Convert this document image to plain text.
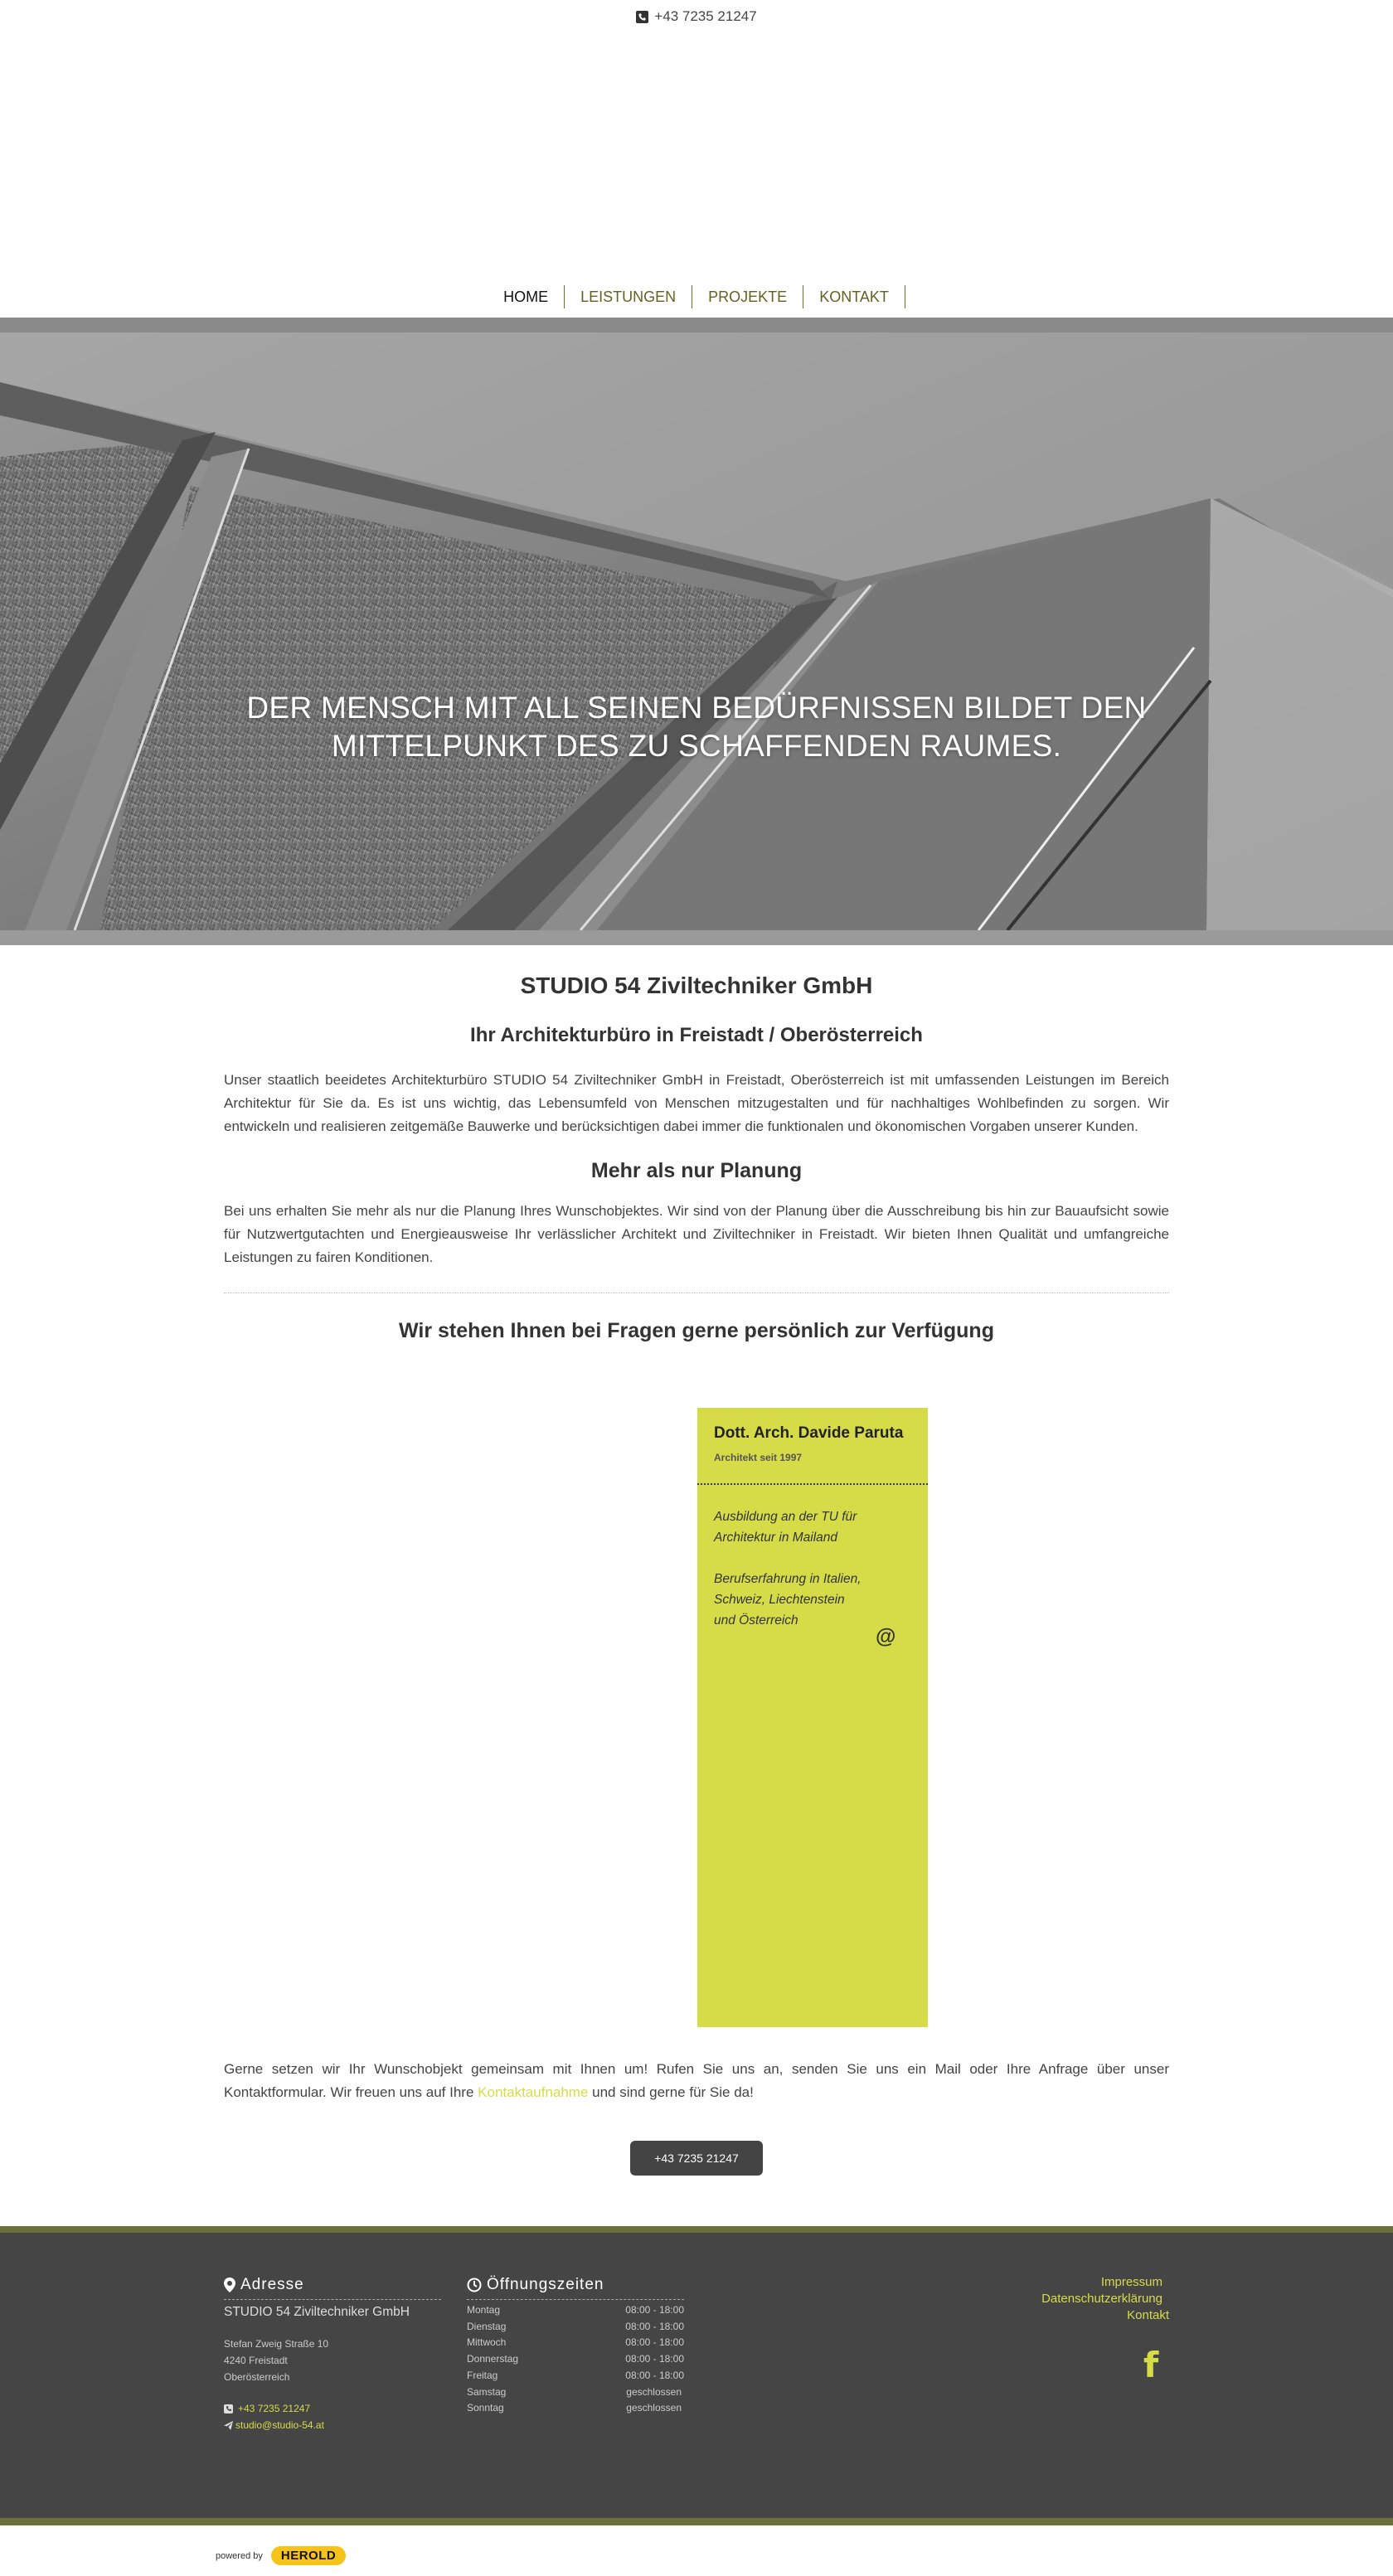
+43 7235 21247
HOME	LEISTUNGEN	PROJEKTE	KONTAKT
DER MENSCH MIT ALL SEINEN BEDÜRFNISSEN BILDET DEN
MITTELPUNKT DES ZU SCHAFFENDEN RAUMES.
STUDIO 54 Ziviltechniker GmbH
Ihr Architekturbüro in Freistadt / Oberösterreich

Unser staatlich beeidetes Architekturbüro STUDIO 54 Ziviltechniker GmbH in Freistadt, Oberösterreich ist mit umfassenden Leistungen im Bereich Architektur für Sie da. Es ist uns wichtig, das Lebensumfeld von Menschen mitzugestalten und für nachhaltiges Wohlbefinden zu sorgen. Wir entwickeln und realisieren zeitgemäße Bauwerke und berücksichtigen dabei immer die funktionalen und ökonomischen Vorgaben unserer Kunden.

Mehr als nur Planung

Bei uns erhalten Sie mehr als nur die Planung Ihres Wunschobjektes. Wir sind von der Planung über die Ausschreibung bis hin zur Bauaufsicht sowie für Nutzwertgutachten und Energieausweise Ihr verlässlicher Architekt und Ziviltechniker in Freistadt. Wir bieten Ihnen Qualität und umfangreiche Leistungen zu fairen Konditionen.

Wir stehen Ihnen bei Fragen gerne persönlich zur Verfügung
Dott. Arch. Davide Paruta
Architekt seit 1997
Ausbildung an der TU für
Architektur in Mailand
Berufserfahrung in Italien,
Schweiz, Liechtenstein
und Österreich
@

Gerne setzen wir Ihr Wunschobjekt gemeinsam mit Ihnen um! Rufen Sie uns an, senden Sie uns ein Mail oder Ihre Anfrage über unser Kontaktformular. Wir freuen uns auf Ihre Kontaktaufnahme und sind gerne für Sie da!

+43 7235 21247
Adresse
STUDIO 54 Ziviltechniker GmbH
Stefan Zweig Straße 10
4240 Freistadt
Oberösterreich
+43 7235 21247
studio@studio-54.at
Öffnungszeiten
Montag	08:00 - 18:00
Dienstag	08:00 - 18:00
Mittwoch	08:00 - 18:00
Donnerstag	08:00 - 18:00
Freitag	08:00 - 18:00
Samstag	geschlossen
Sonntag	geschlossen
Impressum
Datenschutzerklärung
Kontakt
f
powered by	HEROLD
